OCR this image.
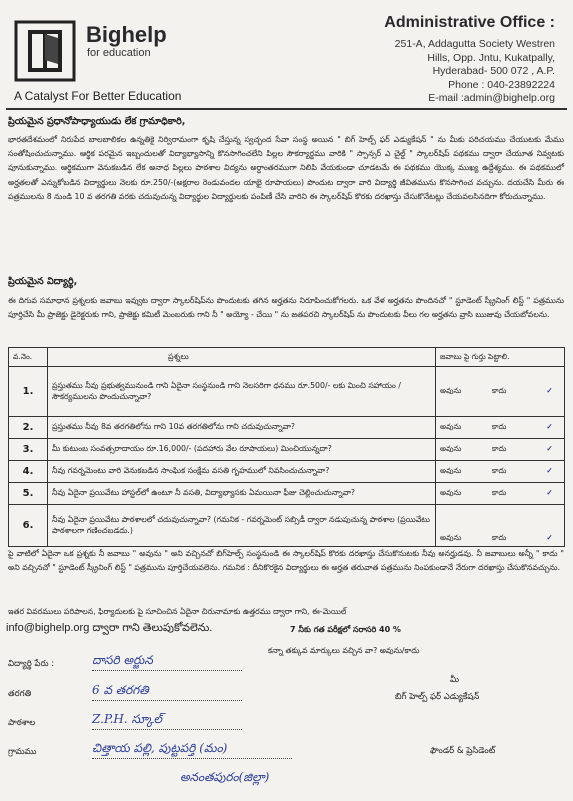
Bighelp
for education
A Catalyst For Better Education
Administrative Office :
251-A, Addagutta Society Westren
Hills, Opp. Jntu, Kukatpally,
Hyderabad- 500 072 , A.P.
Phone : 040-23892224
E-mail :admin@bighelp.org
ప్రియమైన ప్రధానోపాధ్యాయుడు లేక గ్రామాధికారి,
భారతదేశమంలో నిరుపేద బాలబాలికల ఉన్నతికై నిర్విరామంగా కృషి చేస్తున్న స్వచ్ఛంద సేవా సంస్థ అయిన " బిగ్ హెల్ప్ ఫర్ ఎడ్యుకేషన్ " ను మీకు పరిచయము చేయుటకు మేము సంతోషించుచున్నాము. ఆర్థిక పరమైన ఇబ్బందులతో విద్యాభ్యాసాన్ని కొనసాగించలేని పిల్లల సౌకర్యార్థము వారికి " స్పాన్సర్ ఎ చైల్డ్ " స్కాలర్‌షిప్ పథకము ద్వారా చేయూత నివ్వటకు పూనుకున్నాము. ఆర్థికముగా వెనుకబడిన లేక అనాధ పిల్లలు పాఠశాల విద్యను అర్ధాంతరముగా నిలిపి వేయకుండా చూడటమే ఈ పథకము యొక్క ముఖ్య ఉద్దేశ్యము. ఈ పథకములో అర్హతలతో ఎన్నుకోబడిన విద్యార్థులు నెలకు రూ.250/-(అక్షరాల రెండువందల యాభై రూపాయలు) పొందుట ద్వారా వారి విద్యార్థి జీవితమును కొనసాగించ వచ్చును. దయచేసి మీరు ఈ పత్రములను 8 నుండి 10 వ తరగతి వరకు చదువుచున్న విద్యార్థుల విద్యార్థులకు పంపిణీ చేసి వారిని ఈ స్కాలర్‌షిప్ కొరకు దరఖాస్తు చేసుకొనేటట్లు చేయవలసినదిగా కోరుచున్నాము.
ప్రియమైన విద్యార్థి,
ఈ దిగువ సమాధాన ప్రశ్నలకు జవాబు ఇవ్వుట ద్వారా స్కాలర్‌షిప్‌ను పొందుటకు తగిన అర్హతను నిరూపించుకోగలరు. ఒక వేళ అర్హతను పొందినచో " స్టూడెంట్ స్క్రీనింగ్ లిస్ట్ " పత్రమును పూర్తిచేసి మీ ప్రాజెక్టు డైరెక్టరుకు గాని, ప్రాజెక్టు కమిటీ మెంబరుకు గాని నీ " అయ్యో - చేయి " ను జతపరచి స్కాలర్‌షిప్ ను పొందుటకు వీలు గల అర్హతను వ్రాసి ఋజువు చేయబోవలను.
వ.నెం.	ప్రశ్నలు	జవాబు పై గుర్తు పెట్టాలి.
1.	ప్రస్తుతము నీవు ప్రభుత్వమునుండి గాని ఏదైనా సంస్థనుండి గాని నెలసరిగా ధనము రూ.500/- లకు మించి సహాయం / సౌకర్యములను పొందుచున్నావా?	అవును కాదు ✓
2.	ప్రస్తుతము నీవు 8వ తరగతిలోను గాని 10వ తరగతిలోను గాని చదువుచున్నావా?	అవును కాదు ✓
3.	మీ కుటుంబ సంవత్సరాదాయం రూ.16,000/- (పదహారు వేల రూపాయలు) మించియున్నదా?	అవును కాదు ✓
4.	నీవు గవర్నమెంటు వారి వెనుకబడిన సాంఘిక సంక్షేమ వసతి గృహములో నివసించుచున్నావా?	అవును కాదు ✓
5.	నీవు ఏదైనా ప్రయివేటు హాస్టల్‌లో ఉంటూ నీ వసతి, విద్యాభ్యాసకు ఏమయినా ఫీజు చెల్లించుచున్నావా?	అవును కాదు ✓
6.	నీవు ఏదైనా ప్రయివేటు పాఠశాలలో చదువుచున్నావా? (గమనిక - గవర్నమెంట్ సబ్సిడీ ద్వారా నడుపుచున్న పాఠశాల (ప్రయివేటు పాఠశాలగా గణించబడదు.)	అవును కాదు ✓
పై వాటిలో ఏదైనా ఒక ప్రశ్నకు నీ జవాబు " అవును " అని వచ్చినచో బిగ్‌హెల్ప్ సంస్థనుండి ఈ స్కాలర్‌షిప్ కొరకు దరఖాస్తు చేసుకొనుటకు నీవు అనర్హుడవు. నీ జవాబులు అన్నీ " కాదు " అని వచ్చినచో " స్టూడెంట్ స్క్రీనింగ్ లిస్ట్ " పత్రమును పూర్తిచేయవలెను. గమనిక : దీనికొరకైన విద్యార్థులు ఈ అర్హత తరువాత పత్రమును నింపకుండానే నేరుగా దరఖాస్తు చేసుకొనవచ్చును.
ఇతర వివరములు పరిపాలన, ఫిర్యాదులకు పై సూచించిన ఏదైనా చిరునామాకు ఉత్తరము ద్వారా గాని, ఈ-మెయిల్
info@bighelp.org ద్వారా గాని తెలుపుకోవలెను.	7 నీకు గత పరీక్షలో సరాసరి 40 %
కన్నా తక్కువ మార్కులు వచ్చిన వా? అవును/కాదు
విద్యార్థి పేరు :	దాసరి అర్జున
తరగతి	6 వ తరగతి
పాఠశాల	Z.P.H. స్కూల్
గ్రామము	చిత్తాయ పల్లి, పుట్టపర్తి (మం)
అనంతపురం(జిల్లా)
మీ
బిగ్ హెల్ప్ ఫర్ ఎడ్యుకేషన్
ఫౌండర్ & ప్రెసిడెంట్
